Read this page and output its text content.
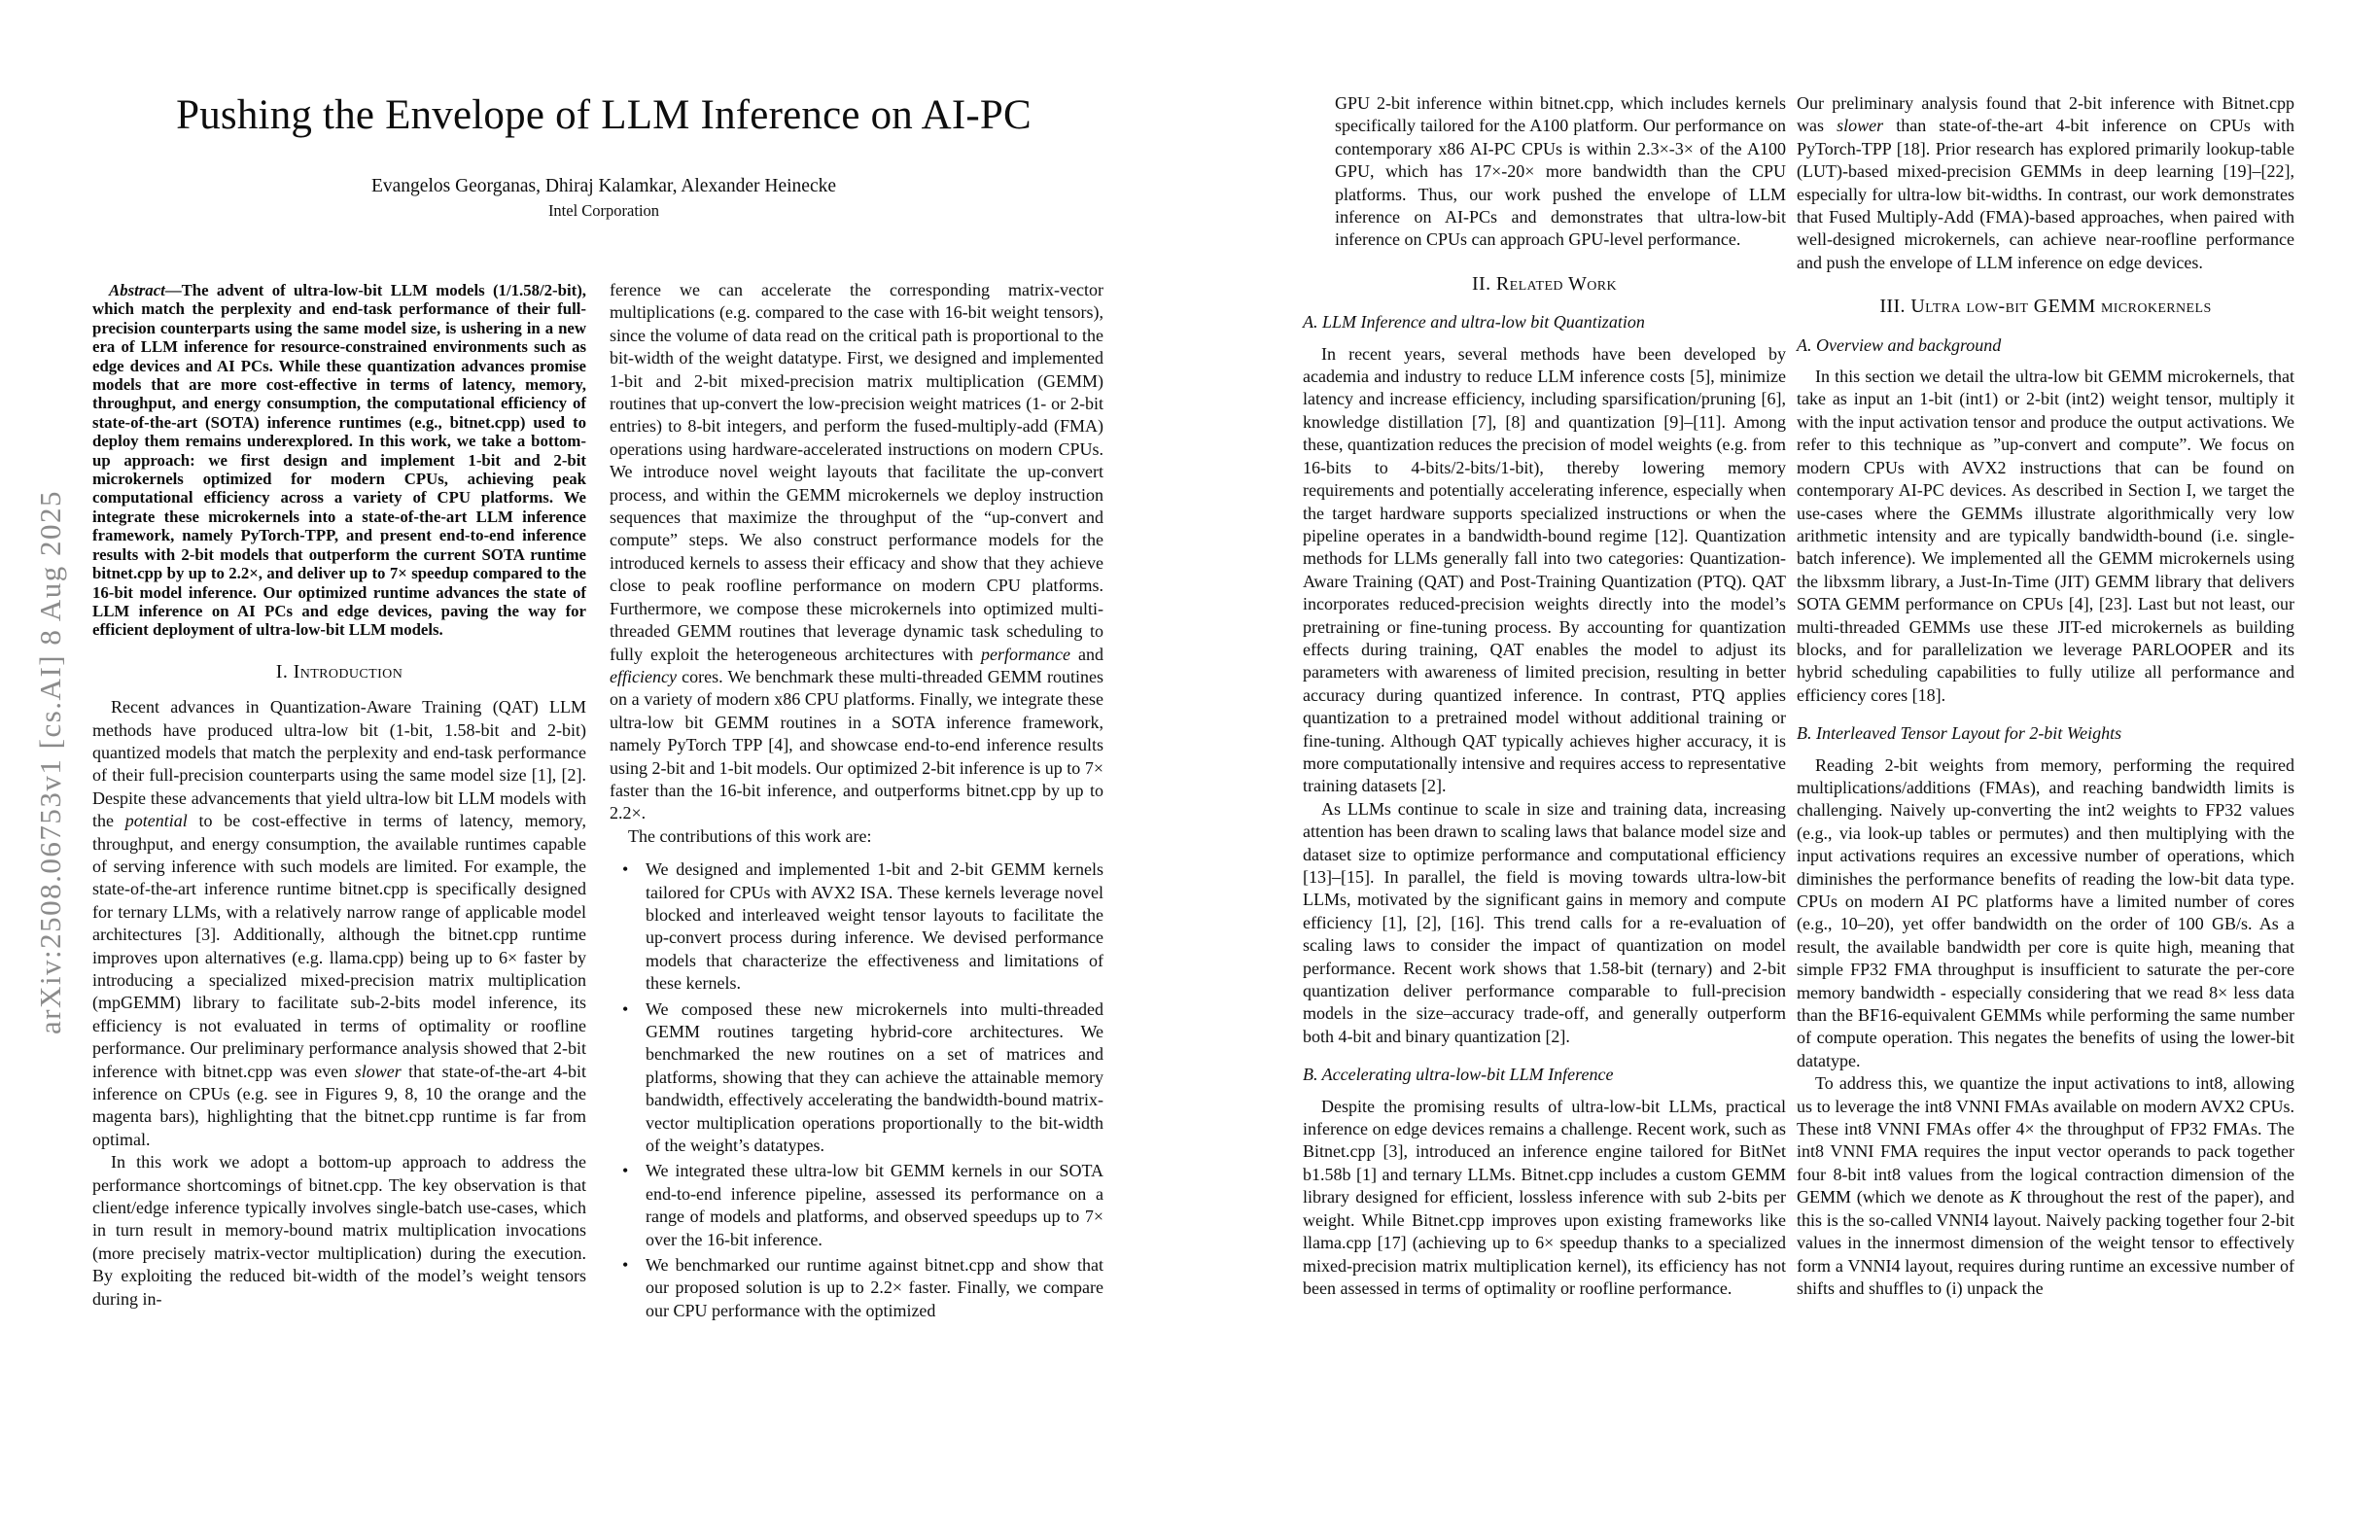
arXiv:2508.06753v1 [cs.AI] 8 Aug 2025
Pushing the Envelope of LLM Inference on AI-PC
Evangelos Georganas, Dhiraj Kalamkar, Alexander Heinecke
Intel Corporation

Abstract—The advent of ultra-low-bit LLM models (1/1.58/2-bit), which match the perplexity and end-task performance of their full-precision counterparts using the same model size, is ushering in a new era of LLM inference for resource-constrained environments such as edge devices and AI PCs. While these quantization advances promise models that are more cost-effective in terms of latency, memory, throughput, and energy consumption, the computational efficiency of state-of-the-art (SOTA) inference runtimes (e.g., bitnet.cpp) used to deploy them remains underexplored. In this work, we take a bottom-up approach: we first design and implement 1-bit and 2-bit microkernels optimized for modern CPUs, achieving peak computational efficiency across a variety of CPU platforms. We integrate these microkernels into a state-of-the-art LLM inference framework, namely PyTorch-TPP, and present end-to-end inference results with 2-bit models that outperform the current SOTA runtime bitnet.cpp by up to 2.2×, and deliver up to 7× speedup compared to the 16-bit model inference. Our optimized runtime advances the state of LLM inference on AI PCs and edge devices, paving the way for efficient deployment of ultra-low-bit LLM models.

I. Introduction

Recent advances in Quantization-Aware Training (QAT) LLM methods have produced ultra-low bit (1-bit, 1.58-bit and 2-bit) quantized models that match the perplexity and end-task performance of their full-precision counterparts using the same model size [1], [2]. Despite these advancements that yield ultra-low bit LLM models with the potential to be cost-effective in terms of latency, memory, throughput, and energy consumption, the available runtimes capable of serving inference with such models are limited. For example, the state-of-the-art inference runtime bitnet.cpp is specifically designed for ternary LLMs, with a relatively narrow range of applicable model architectures [3]. Additionally, although the bitnet.cpp runtime improves upon alternatives (e.g. llama.cpp) being up to 6× faster by introducing a specialized mixed-precision matrix multiplication (mpGEMM) library to facilitate sub-2-bits model inference, its efficiency is not evaluated in terms of optimality or roofline performance. Our preliminary performance analysis showed that 2-bit inference with bitnet.cpp was even slower that state-of-the-art 4-bit inference on CPUs (e.g. see in Figures 9, 8, 10 the orange and the magenta bars), highlighting that the bitnet.cpp runtime is far from optimal.

In this work we adopt a bottom-up approach to address the performance shortcomings of bitnet.cpp. The key observation is that client/edge inference typically involves single-batch use-cases, which in turn result in memory-bound matrix multiplication invocations (more precisely matrix-vector multiplication) during the execution. By exploiting the reduced bit-width of the model’s weight tensors during in-

ference we can accelerate the corresponding matrix-vector multiplications (e.g. compared to the case with 16-bit weight tensors), since the volume of data read on the critical path is proportional to the bit-width of the weight datatype. First, we designed and implemented 1-bit and 2-bit mixed-precision matrix multiplication (GEMM) routines that up-convert the low-precision weight matrices (1- or 2-bit entries) to 8-bit integers, and perform the fused-multiply-add (FMA) operations using hardware-accelerated instructions on modern CPUs. We introduce novel weight layouts that facilitate the up-convert process, and within the GEMM microkernels we deploy instruction sequences that maximize the throughput of the “up-convert and compute” steps. We also construct performance models for the introduced kernels to assess their efficacy and show that they achieve close to peak roofline performance on modern CPU platforms. Furthermore, we compose these microkernels into optimized multi-threaded GEMM routines that leverage dynamic task scheduling to fully exploit the heterogeneous architectures with performance and efficiency cores. We benchmark these multi-threaded GEMM routines on a variety of modern x86 CPU platforms. Finally, we integrate these ultra-low bit GEMM routines in a SOTA inference framework, namely PyTorch TPP [4], and showcase end-to-end inference results using 2-bit and 1-bit models. Our optimized 2-bit inference is up to 7× faster than the 16-bit inference, and outperforms bitnet.cpp by up to 2.2×.

The contributions of this work are:

• We designed and implemented 1-bit and 2-bit GEMM kernels tailored for CPUs with AVX2 ISA. These kernels leverage novel blocked and interleaved weight tensor layouts to facilitate the up-convert process during inference. We devised performance models that characterize the effectiveness and limitations of these kernels.
• We composed these new microkernels into multi-threaded GEMM routines targeting hybrid-core architectures. We benchmarked the new routines on a set of matrices and platforms, showing that they can achieve the attainable memory bandwidth, effectively accelerating the bandwidth-bound matrix-vector multiplication operations proportionally to the bit-width of the weight’s datatypes.
• We integrated these ultra-low bit GEMM kernels in our SOTA end-to-end inference pipeline, assessed its performance on a range of models and platforms, and observed speedups up to 7× over the 16-bit inference.
• We benchmarked our runtime against bitnet.cpp and show that our proposed solution is up to 2.2× faster. Finally, we compare our CPU performance with the optimized

GPU 2-bit inference within bitnet.cpp, which includes kernels specifically tailored for the A100 platform. Our performance on contemporary x86 AI-PC CPUs is within 2.3×-3× of the A100 GPU, which has 17×-20× more bandwidth than the CPU platforms. Thus, our work pushed the envelope of LLM inference on AI-PCs and demonstrates that ultra-low-bit inference on CPUs can approach GPU-level performance.

II. Related Work
A. LLM Inference and ultra-low bit Quantization

In recent years, several methods have been developed by academia and industry to reduce LLM inference costs [5], minimize latency and increase efficiency, including sparsification/pruning [6], knowledge distillation [7], [8] and quantization [9]–[11]. Among these, quantization reduces the precision of model weights (e.g. from 16-bits to 4-bits/2-bits/1-bit), thereby lowering memory requirements and potentially accelerating inference, especially when the target hardware supports specialized instructions or when the pipeline operates in a bandwidth-bound regime [12]. Quantization methods for LLMs generally fall into two categories: Quantization-Aware Training (QAT) and Post-Training Quantization (PTQ). QAT incorporates reduced-precision weights directly into the model’s pretraining or fine-tuning process. By accounting for quantization effects during training, QAT enables the model to adjust its parameters with awareness of limited precision, resulting in better accuracy during quantized inference. In contrast, PTQ applies quantization to a pretrained model without additional training or fine-tuning. Although QAT typically achieves higher accuracy, it is more computationally intensive and requires access to representative training datasets [2].

As LLMs continue to scale in size and training data, increasing attention has been drawn to scaling laws that balance model size and dataset size to optimize performance and computational efficiency [13]–[15]. In parallel, the field is moving towards ultra-low-bit LLMs, motivated by the significant gains in memory and compute efficiency [1], [2], [16]. This trend calls for a re-evaluation of scaling laws to consider the impact of quantization on model performance. Recent work shows that 1.58-bit (ternary) and 2-bit quantization deliver performance comparable to full-precision models in the size–accuracy trade-off, and generally outperform both 4-bit and binary quantization [2].

B. Accelerating ultra-low-bit LLM Inference

Despite the promising results of ultra-low-bit LLMs, practical inference on edge devices remains a challenge. Recent work, such as Bitnet.cpp [3], introduced an inference engine tailored for BitNet b1.58b [1] and ternary LLMs. Bitnet.cpp includes a custom GEMM library designed for efficient, lossless inference with sub 2-bits per weight. While Bitnet.cpp improves upon existing frameworks like llama.cpp [17] (achieving up to 6× speedup thanks to a specialized mixed-precision matrix multiplication kernel), its efficiency has not been assessed in terms of optimality or roofline performance.

Our preliminary analysis found that 2-bit inference with Bitnet.cpp was slower than state-of-the-art 4-bit inference on CPUs with PyTorch-TPP [18]. Prior research has explored primarily lookup-table (LUT)-based mixed-precision GEMMs in deep learning [19]–[22], especially for ultra-low bit-widths. In contrast, our work demonstrates that Fused Multiply-Add (FMA)-based approaches, when paired with well-designed microkernels, can achieve near-roofline performance and push the envelope of LLM inference on edge devices.

III. Ultra low-bit GEMM microkernels
A. Overview and background

In this section we detail the ultra-low bit GEMM microkernels, that take as input an 1-bit (int1) or 2-bit (int2) weight tensor, multiply it with the input activation tensor and produce the output activations. We refer to this technique as ”up-convert and compute”. We focus on modern CPUs with AVX2 instructions that can be found on contemporary AI-PC devices. As described in Section I, we target the use-cases where the GEMMs illustrate algorithmically very low arithmetic intensity and are typically bandwidth-bound (i.e. single-batch inference). We implemented all the GEMM microkernels using the libxsmm library, a Just-In-Time (JIT) GEMM library that delivers SOTA GEMM performance on CPUs [4], [23]. Last but not least, our multi-threaded GEMMs use these JIT-ed microkernels as building blocks, and for parallelization we leverage PARLOOPER and its hybrid scheduling capabilities to fully utilize all performance and efficiency cores [18].

B. Interleaved Tensor Layout for 2-bit Weights

Reading 2-bit weights from memory, performing the required multiplications/additions (FMAs), and reaching bandwidth limits is challenging. Naively up-converting the int2 weights to FP32 values (e.g., via look-up tables or permutes) and then multiplying with the input activations requires an excessive number of operations, which diminishes the performance benefits of reading the low-bit data type. CPUs on modern AI PC platforms have a limited number of cores (e.g., 10–20), yet offer bandwidth on the order of 100 GB/s. As a result, the available bandwidth per core is quite high, meaning that simple FP32 FMA throughput is insufficient to saturate the per-core memory bandwidth - especially considering that we read 8× less data than the BF16-equivalent GEMMs while performing the same number of compute operation. This negates the benefits of using the lower-bit datatype.

To address this, we quantize the input activations to int8, allowing us to leverage the int8 VNNI FMAs available on modern AVX2 CPUs. These int8 VNNI FMAs offer 4× the throughput of FP32 FMAs. The int8 VNNI FMA requires the input vector operands to pack together four 8-bit int8 values from the logical contraction dimension of the GEMM (which we denote as K throughout the rest of the paper), and this is the so-called VNNI4 layout. Naively packing together four 2-bit values in the innermost dimension of the weight tensor to effectively form a VNNI4 layout, requires during runtime an excessive number of shifts and shuffles to (i) unpack the
